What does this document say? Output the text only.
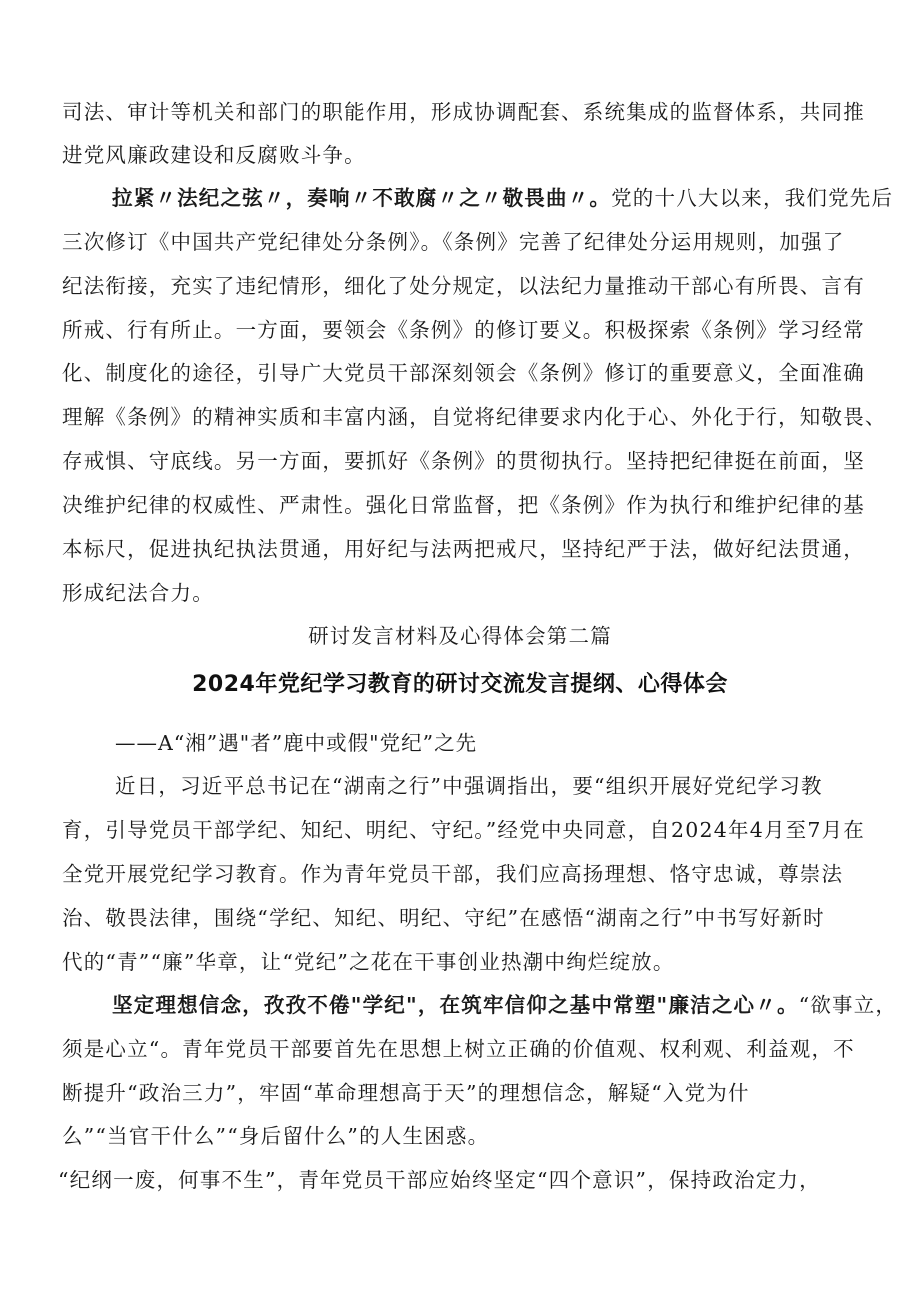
司法、审计等机关和部门的职能作用，形成协调配套、系统集成的监督体系，共同推
进党风廉政建设和反腐败斗争。
拉紧〃法纪之弦〃，奏响〃不敢腐〃之〃敬畏曲〃。党的十八大以来，我们党先后
三次修订《中国共产党纪律处分条例》。《条例》完善了纪律处分运用规则，加强了
纪法衔接，充实了违纪情形，细化了处分规定，以法纪力量推动干部心有所畏、言有
所戒、行有所止。一方面，要领会《条例》的修订要义。积极探索《条例》学习经常
化、制度化的途径，引导广大党员干部深刻领会《条例》修订的重要意义，全面准确
理解《条例》的精神实质和丰富内涵，自觉将纪律要求内化于心、外化于行，知敬畏、
存戒惧、守底线。另一方面，要抓好《条例》的贯彻执行。坚持把纪律挺在前面，坚
决维护纪律的权威性、严肃性。强化日常监督，把《条例》作为执行和维护纪律的基
本标尺，促进执纪执法贯通，用好纪与法两把戒尺，坚持纪严于法，做好纪法贯通，
形成纪法合力。
研讨发言材料及心得体会第二篇
2024年党纪学习教育的研讨交流发言提纲、心得体会
——A“湘”遇"者”鹿中或假"党纪”之先
近日，习近平总书记在“湖南之行”中强调指出，要“组织开展好党纪学习教
育，引导党员干部学纪、知纪、明纪、守纪。”经党中央同意，自2024年4月至7月在
全党开展党纪学习教育。作为青年党员干部，我们应高扬理想、恪守忠诚，尊崇法
治、敬畏法律，围绕“学纪、知纪、明纪、守纪”在感悟“湖南之行”中书写好新时
代的“青”“廉”华章，让“党纪”之花在干事创业热潮中绚烂绽放。
坚定理想信念，孜孜不倦"学纪"，在筑牢信仰之基中常塑"廉洁之心〃。“欲事立，
须是心立“。青年党员干部要首先在思想上树立正确的价值观、权利观、利益观，不
断提升“政治三力”，牢固“革命理想高于天”的理想信念，解疑“入党为什
么”“当官干什么”“身后留什么”的人生困惑。
“纪纲一废，何事不生”，青年党员干部应始终坚定“四个意识”，保持政治定力，
